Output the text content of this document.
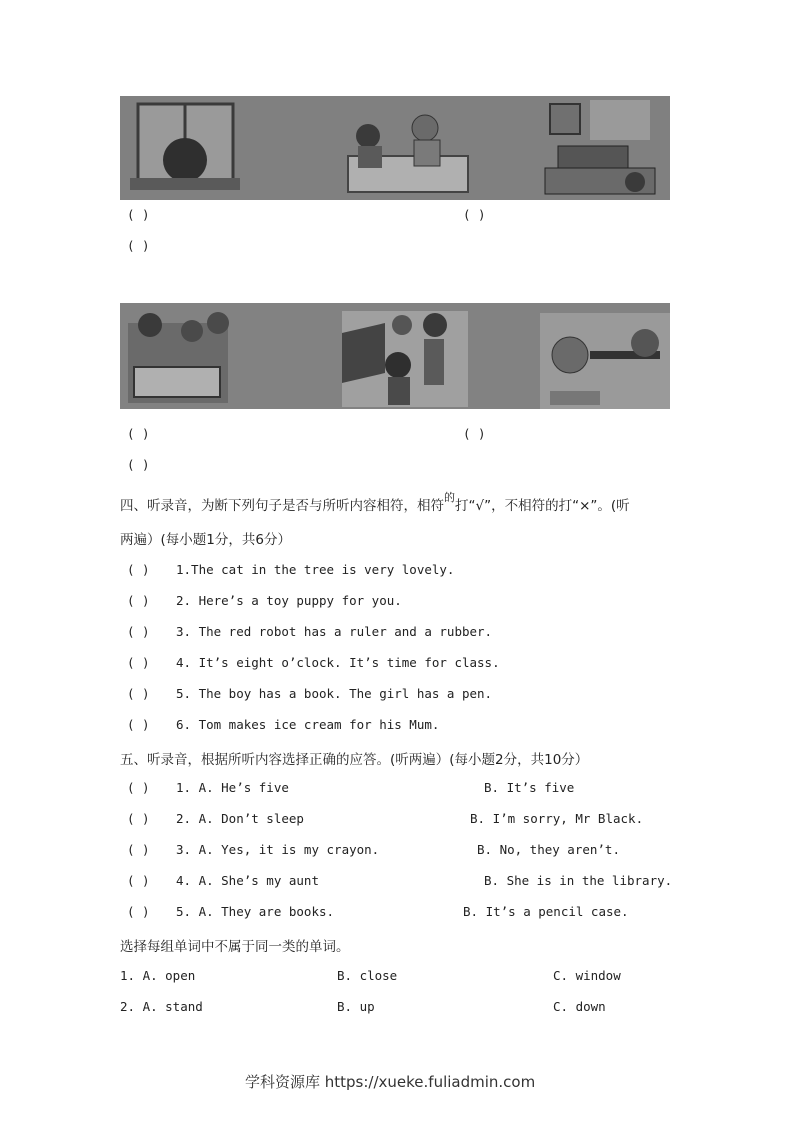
( )	( )
( )
( )	( )
( )
四、听录音，为断下列句子是否与所听内容相符，相符$^的$打“√”，不相符的打“×”。(听
两遍）(每小题1分，共6分）
( ) 1.The cat in the tree is very lovely.
( ) 2. Here’s a toy puppy for you.
( ) 3. The red robot has a ruler and a rubber.
( ) 4. It’s eight o’clock. It’s time for class.
( ) 5. The boy has a book. The girl has a pen.
( ) 6. Tom makes ice cream for his Mum.
五、听录音，根据所听内容选择正确的应答。(听两遍）(每小题2分，共10分）
( ) 1. A. He’s five	B. It’s five
( ) 2. A. Don’t sleep	B. I’m sorry, Mr Black.
( ) 3. A. Yes, it is my crayon.	B. No, they aren’t.
( ) 4. A. She’s my aunt	B. She is in the library.
( ) 5. A. They are books.	B. It’s a pencil case.
选择每组单词中不属于同一类的单词。
1. A. open	B. close	C. window
2. A. stand	B. up	C. down
学科资源库 https://xueke.fuliadmin.com
